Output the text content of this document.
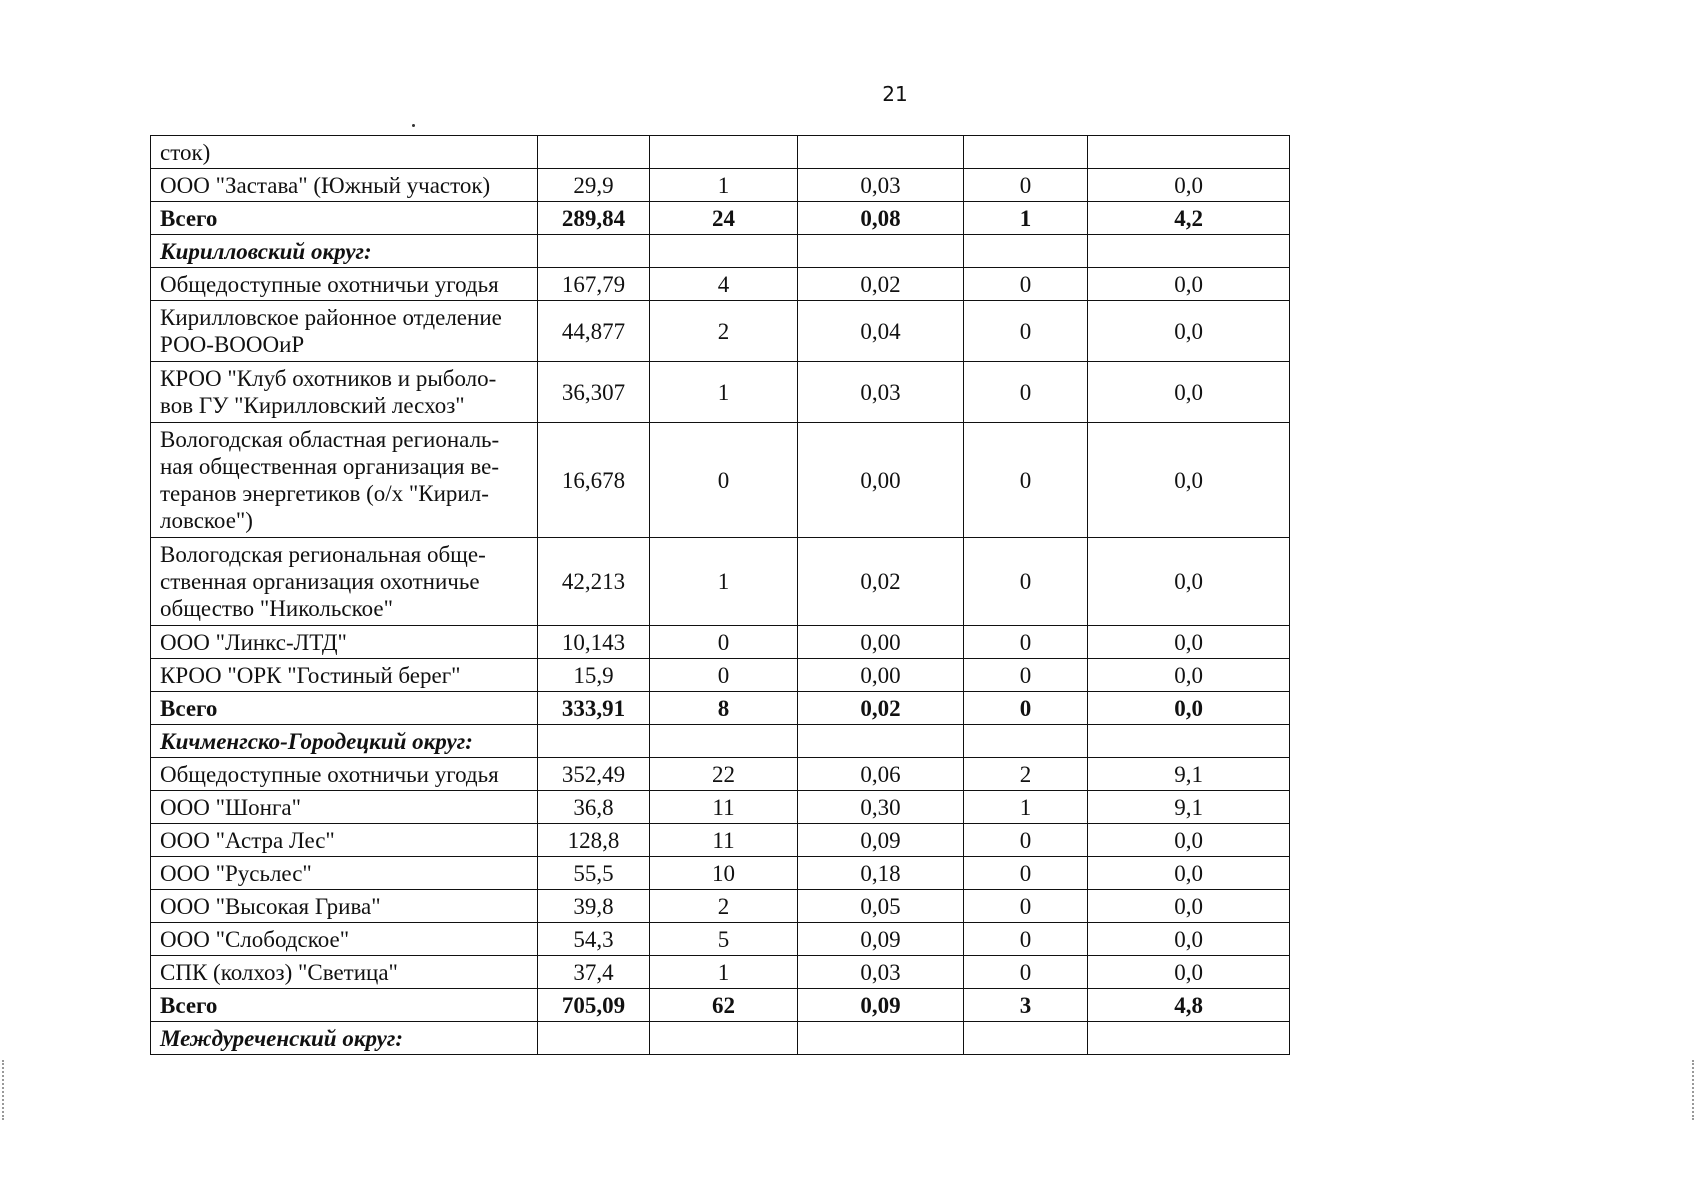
21
сток)					
ООО "Застава" (Южный участок)	29,9	1	0,03	0	0,0
Всего	289,84	24	0,08	1	4,2
Кирилловский округ:					
Общедоступные охотничьи угодья	167,79	4	0,02	0	0,0
Кирилловское районное отделение РОО-ВОООиР	44,877	2	0,04	0	0,0
КРОО "Клуб охотников и рыболо-вов ГУ "Кирилловский лесхоз"	36,307	1	0,03	0	0,0
Вологодская областная региональ-ная общественная организация ве-теранов энергетиков (о/х "Кирил-ловское")	16,678	0	0,00	0	0,0
Вологодская региональная обще-ственная организация охотничье общество "Никольское"	42,213	1	0,02	0	0,0
ООО "Линкс-ЛТД"	10,143	0	0,00	0	0,0
КРОО "ОРК "Гостиный берег"	15,9	0	0,00	0	0,0
Всего	333,91	8	0,02	0	0,0
Кичменгско-Городецкий округ:					
Общедоступные охотничьи угодья	352,49	22	0,06	2	9,1
ООО "Шонга"	36,8	11	0,30	1	9,1
ООО "Астра Лес"	128,8	11	0,09	0	0,0
ООО "Русьлес"	55,5	10	0,18	0	0,0
ООО "Высокая Грива"	39,8	2	0,05	0	0,0
ООО "Слободское"	54,3	5	0,09	0	0,0
СПК (колхоз) "Светица"	37,4	1	0,03	0	0,0
Всего	705,09	62	0,09	3	4,8
Междуреченский округ:					
